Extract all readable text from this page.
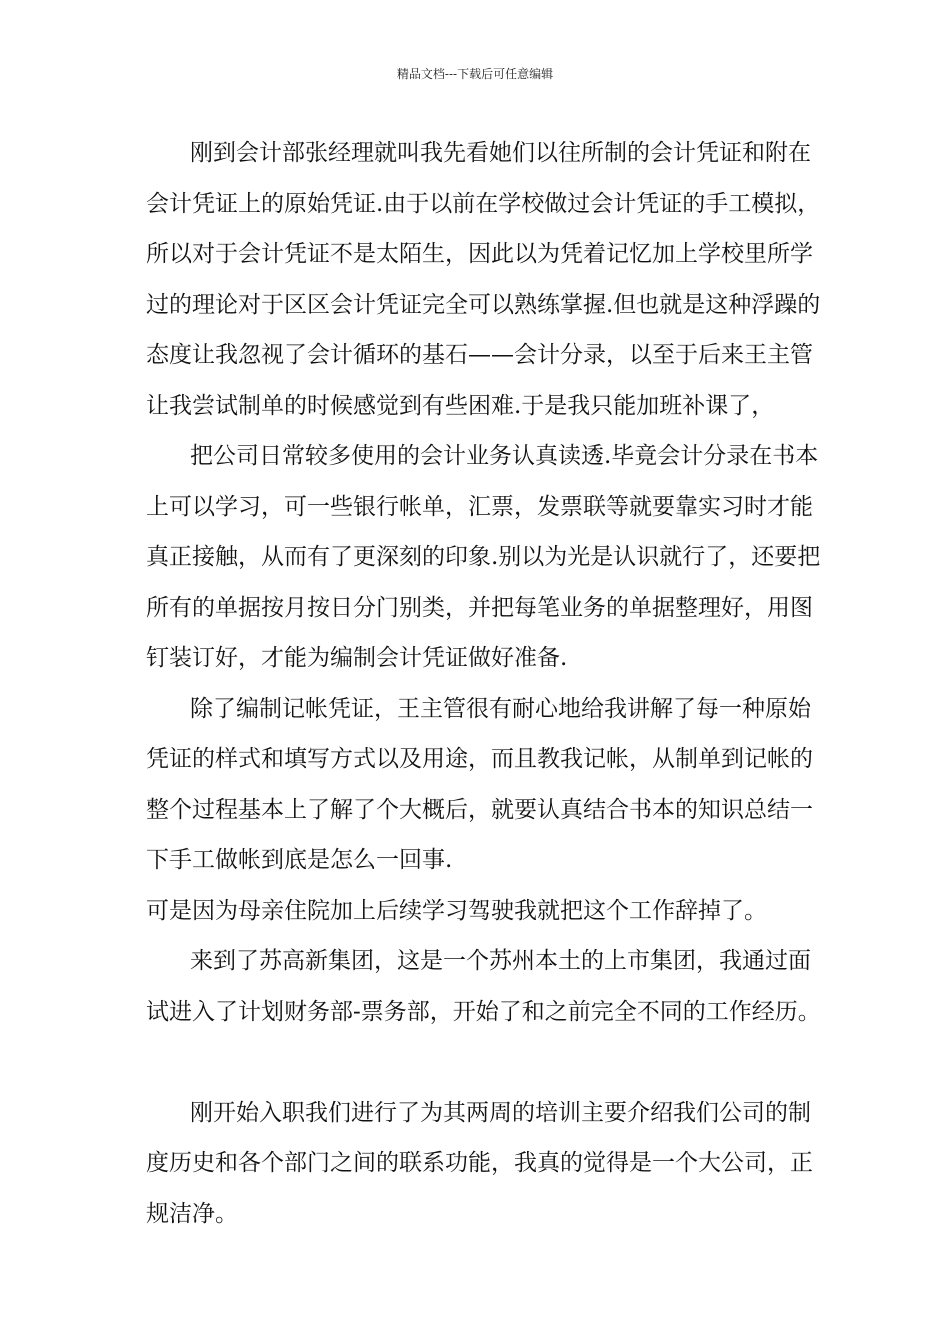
精品文档---下载后可任意编辑
刚到会计部张经理就叫我先看她们以往所制的会计凭证和附在
会计凭证上的原始凭证.由于以前在学校做过会计凭证的手工模拟，
所以对于会计凭证不是太陌生，因此以为凭着记忆加上学校里所学
过的理论对于区区会计凭证完全可以熟练掌握.但也就是这种浮躁的
态度让我忽视了会计循环的基石——会计分录，以至于后来王主管
让我尝试制单的时候感觉到有些困难.于是我只能加班补课了，
把公司日常较多使用的会计业务认真读透.毕竟会计分录在书本
上可以学习，可一些银行帐单，汇票，发票联等就要靠实习时才能
真正接触，从而有了更深刻的印象.别以为光是认识就行了，还要把
所有的单据按月按日分门别类，并把每笔业务的单据整理好，用图
钉装订好，才能为编制会计凭证做好准备.
除了编制记帐凭证，王主管很有耐心地给我讲解了每一种原始
凭证的样式和填写方式以及用途，而且教我记帐，从制单到记帐的
整个过程基本上了解了个大概后，就要认真结合书本的知识总结一
下手工做帐到底是怎么一回事.
可是因为母亲住院加上后续学习驾驶我就把这个工作辞掉了。
来到了苏高新集团，这是一个苏州本土的上市集团，我通过面
试进入了计划财务部-票务部，开始了和之前完全不同的工作经历。
刚开始入职我们进行了为其两周的培训主要介绍我们公司的制
度历史和各个部门之间的联系功能，我真的觉得是一个大公司，正
规洁净。
